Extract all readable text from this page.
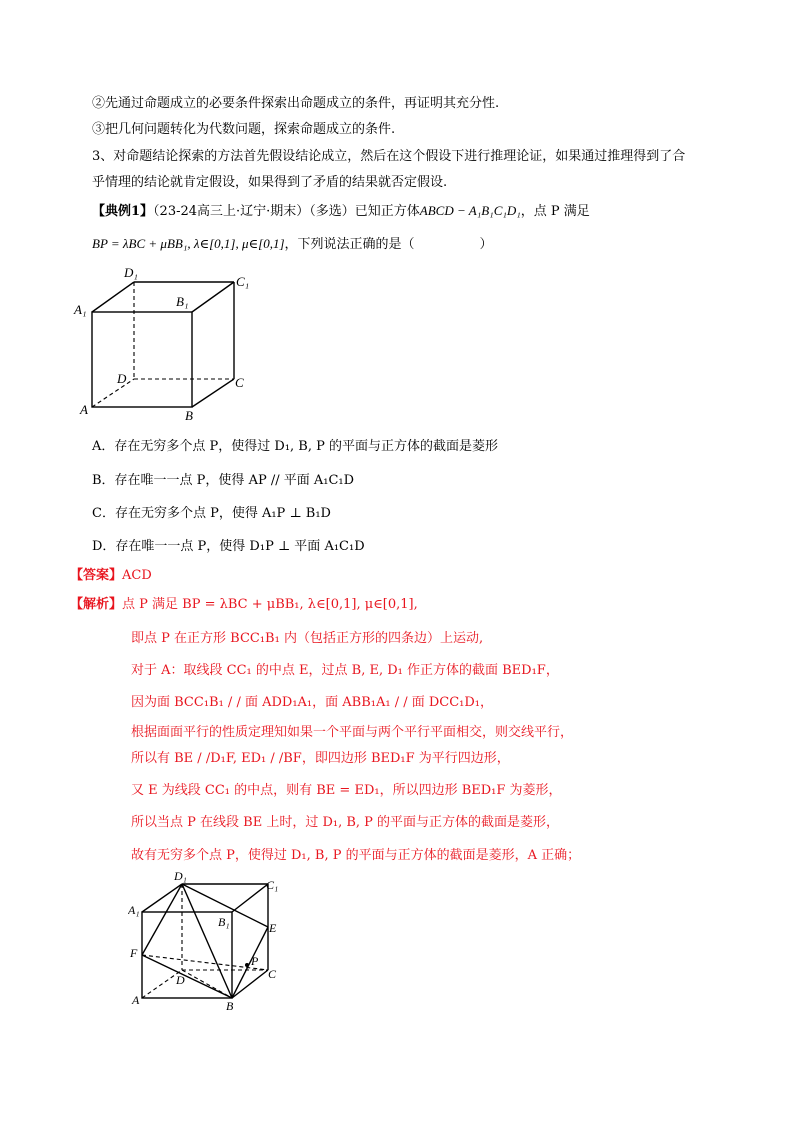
②先通过命题成立的必要条件探索出命题成立的条件，再证明其充分性.
③把几何问题转化为代数问题，探索命题成立的条件.
3、对命题结论探索的方法首先假设结论成立，然后在这个假设下进行推理论证，如果通过推理得到了合
乎情理的结论就肯定假设，如果得到了矛盾的结果就否定假设.
【典例1】（23-24高三上·辽宁·期末）（多选）已知正方体ABCD − A₁B₁C₁D₁，点 P 满足
BP = λBC + μBB₁, λ∈[0,1], μ∈[0,1]，下列说法正确的是（　　　　　）
D₁
C₁
A₁
B₁
D	C
A	B
A．存在无穷多个点 P，使得过 D₁, B, P 的平面与正方体的截面是菱形
B．存在唯一一点 P，使得 AP // 平面 A₁C₁D
C．存在无穷多个点 P，使得 A₁P ⊥ B₁D
D．存在唯一一点 P，使得 D₁P ⊥ 平面 A₁C₁D
【答案】ACD
【解析】点 P 满足 BP = λBC + μBB₁, λ∈[0,1], μ∈[0,1],
即点 P 在正方形 BCC₁B₁ 内（包括正方形的四条边）上运动,
对于 A：取线段 CC₁ 的中点 E，过点 B, E, D₁ 作正方体的截面 BED₁F，
因为面 BCC₁B₁ / / 面 ADD₁A₁，面 ABB₁A₁ / / 面 DCC₁D₁，
根据面面平行的性质定理知如果一个平面与两个平行平面相交，则交线平行，
所以有 BE / /D₁F, ED₁ / /BF，即四边形 BED₁F 为平行四边形，
又 E 为线段 CC₁ 的中点，则有 BE = ED₁，所以四边形 BED₁F 为菱形，
所以当点 P 在线段 BE 上时，过 D₁, B, P 的平面与正方体的截面是菱形，
故有无穷多个点 P，使得过 D₁, B, P 的平面与正方体的截面是菱形，A 正确；
D₁
C₁
A₁
B₁	E
F
P
D	C
A	B
